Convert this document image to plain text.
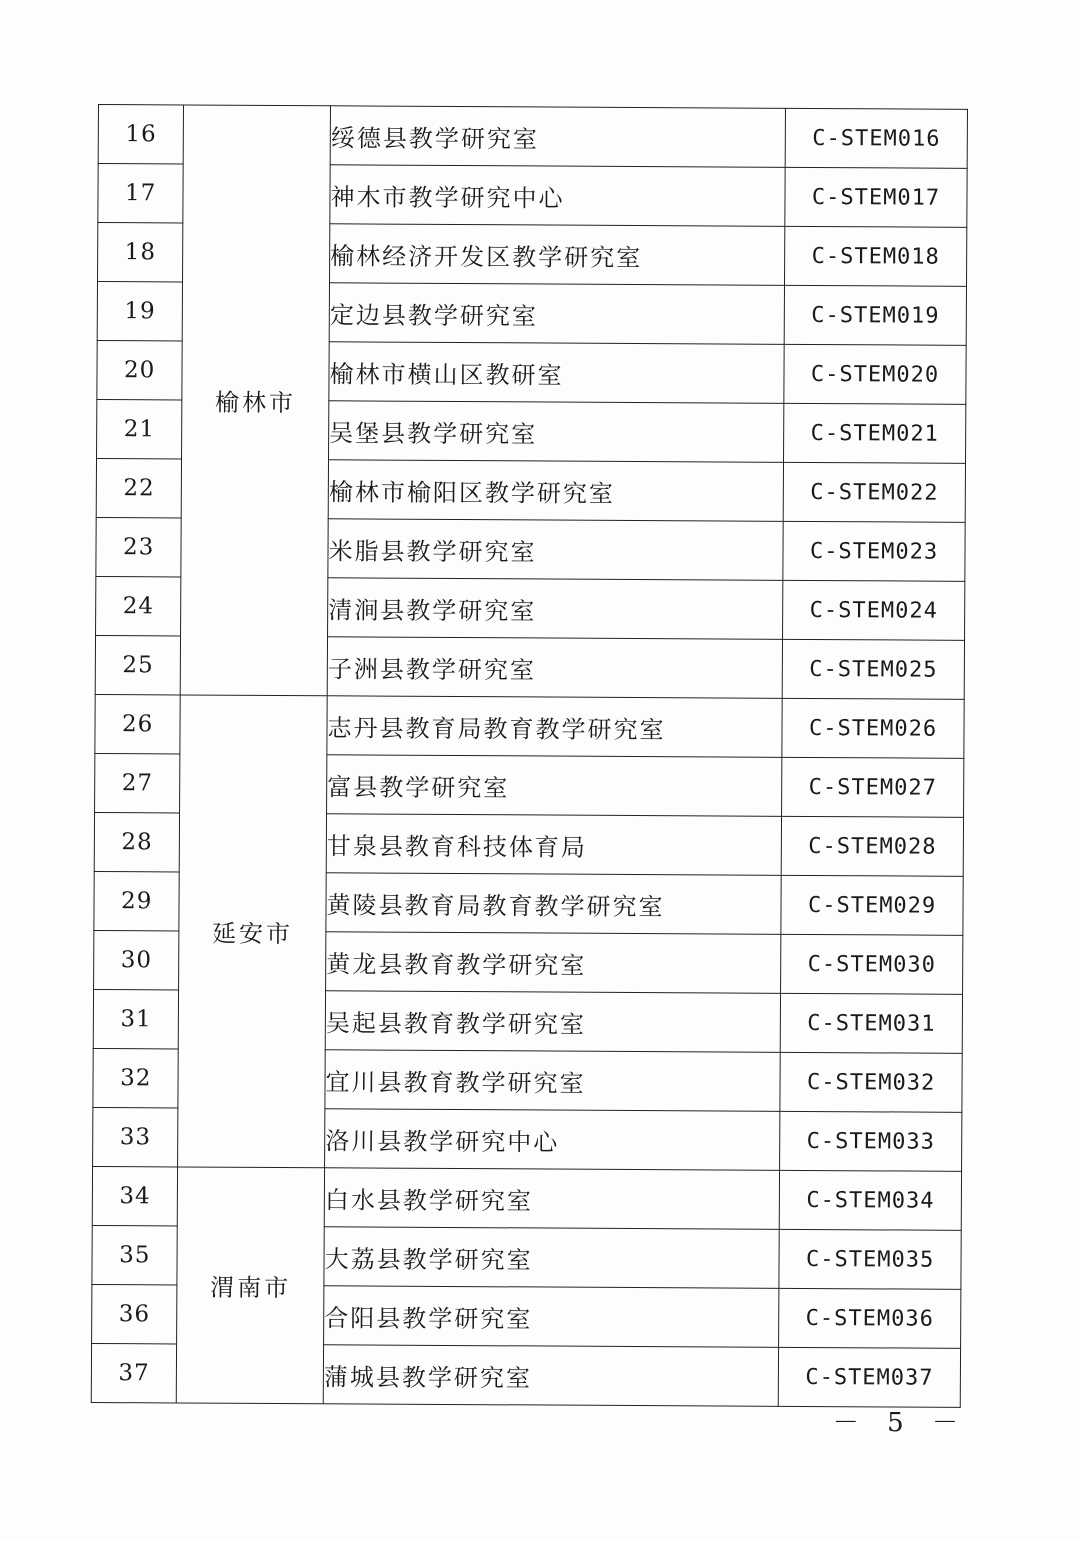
16	榆林市	绥德县教学研究室	C-STEM016
17		神木市教学研究中心	C-STEM017
18		榆林经济开发区教学研究室	C-STEM018
19		定边县教学研究室	C-STEM019
20		榆林市横山区教研室	C-STEM020
21		吴堡县教学研究室	C-STEM021
22		榆林市榆阳区教学研究室	C-STEM022
23		米脂县教学研究室	C-STEM023
24		清涧县教学研究室	C-STEM024
25		子洲县教学研究室	C-STEM025
26	延安市	志丹县教育局教育教学研究室	C-STEM026
27		富县教学研究室	C-STEM027
28		甘泉县教育科技体育局	C-STEM028
29		黄陵县教育局教育教学研究室	C-STEM029
30		黄龙县教育教学研究室	C-STEM030
31		吴起县教育教学研究室	C-STEM031
32		宜川县教育教学研究室	C-STEM032
33		洛川县教学研究中心	C-STEM033
34	渭南市	白水县教学研究室	C-STEM034
35		大荔县教学研究室	C-STEM035
36		合阳县教学研究室	C-STEM036
37		蒲城县教学研究室	C-STEM037
－ 5 －
